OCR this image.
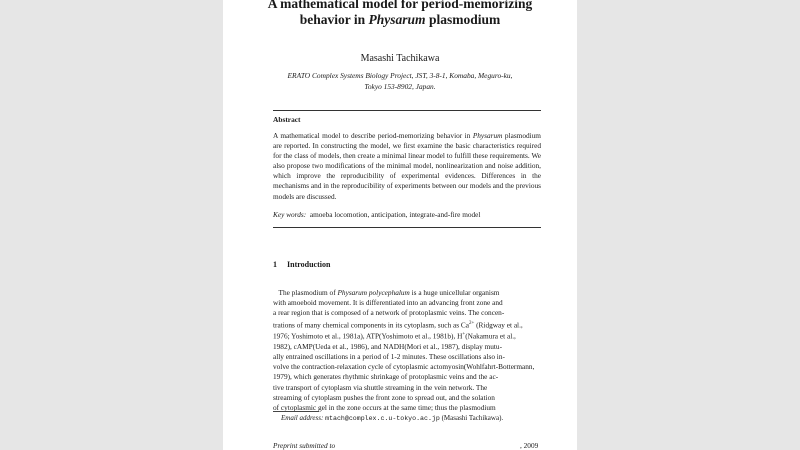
A mathematical model for period-memorizing
behavior in Physarum plasmodium
Masashi Tachikawa
ERATO Complex Systems Biology Project, JST, 3-8-1, Komaba, Meguro-ku,
Tokyo 153-8902, Japan.
Abstract
A mathematical model to describe period-memorizing behavior in Physarum plasmodium are reported. In constructing the model, we first examine the basic characteristics required for the class of models, then create a minimal linear model to fulfill these requirements. We also propose two modifications of the minimal model, nonlinearization and noise addition, which improve the reproducibility of experimental evidences. Differences in the mechanisms and in the reproducibility of experiments between our models and the previous models are discussed.
Key words: amoeba locomotion, anticipation, integrate-and-fire model
1 Introduction
The plasmodium of Physarum polycephalum is a huge unicellular organism
with amoeboid movement. It is differentiated into an advancing front zone and
a rear region that is composed of a network of protoplasmic veins. The concen-
trations of many chemical components in its cytoplasm, such as $Ca^{2+}$ (Ridgway et al.,
1976; Yoshimoto et al., 1981a), ATP(Yoshimoto et al., 1981b), H+(Nakamura et al.,
1982), cAMP(Ueda et al., 1986), and NADH(Mori et al., 1987), display mutu-
ally entrained oscillations in a period of 1-2 minutes. These oscillations also in-
volve the contraction-relaxation cycle of cytoplasmic actomyosin(Wohlfahrt-Bottermann,
1979), which generates rhythmic shrinkage of protoplasmic veins and the ac-
tive transport of cytoplasm via shuttle streaming in the vein network. The
streaming of cytoplasm pushes the front zone to spread out, and the solation
of cytoplasmic gel in the zone occurs at the same time; thus the plasmodium
Email address: mtach@complex.c.u-tokyo.ac.jp (Masashi Tachikawa).
Preprint submitted to	, 2009
